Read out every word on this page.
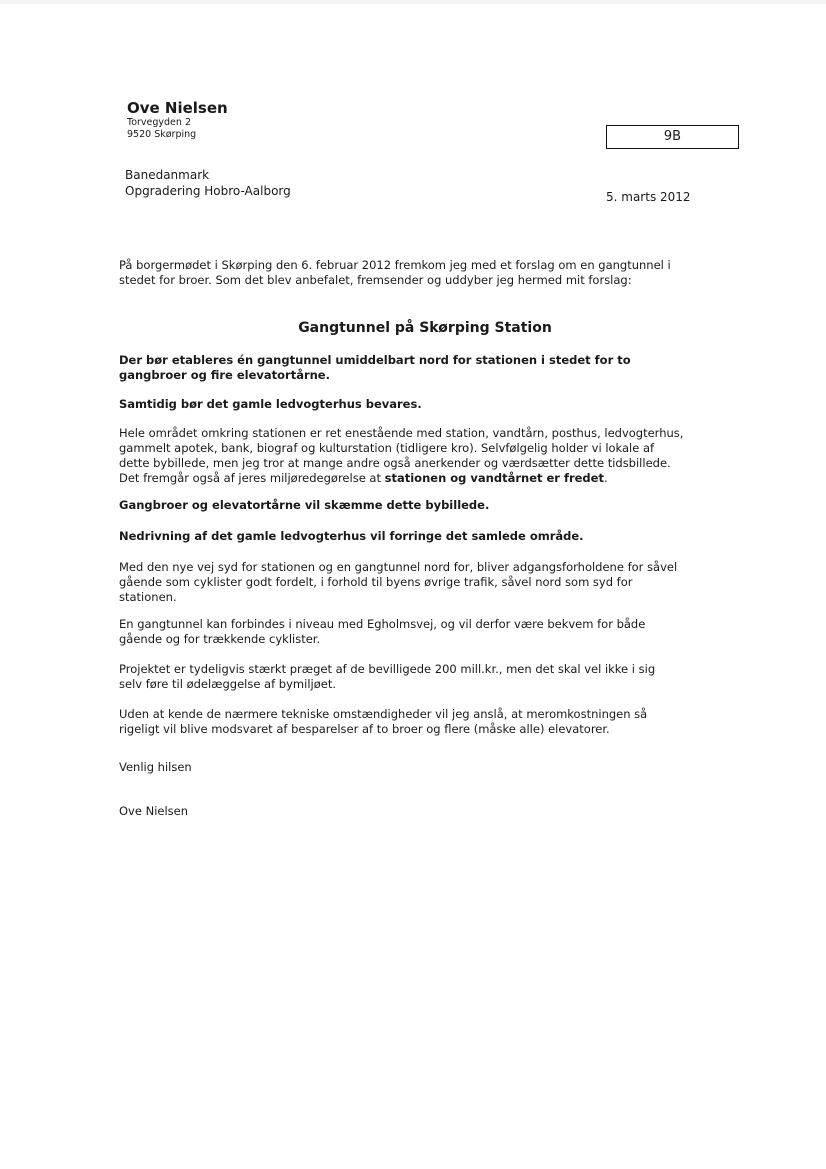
Ove Nielsen
Torvegyden 2
9520 Skørping	9B
Banedanmark
Opgradering Hobro-Aalborg	5. marts 2012
På borgermødet i Skørping den 6. februar 2012 fremkom jeg med et forslag om en gangtunnel i
stedet for broer. Som det blev anbefalet, fremsender og uddyber jeg hermed mit forslag:
Gangtunnel på Skørping Station
Der bør etableres én gangtunnel umiddelbart nord for stationen i stedet for to
gangbroer og fire elevatortårne.
Samtidig bør det gamle ledvogterhus bevares.
Hele området omkring stationen er ret enestående med station, vandtårn, posthus, ledvogterhus,
gammelt apotek, bank, biograf og kulturstation (tidligere kro). Selvfølgelig holder vi lokale af
dette bybillede, men jeg tror at mange andre også anerkender og værdsætter dette tidsbillede.
Det fremgår også af jeres miljøredegørelse at stationen og vandtårnet er fredet.
Gangbroer og elevatortårne vil skæmme dette bybillede.
Nedrivning af det gamle ledvogterhus vil forringe det samlede område.
Med den nye vej syd for stationen og en gangtunnel nord for, bliver adgangsforholdene for såvel
gående som cyklister godt fordelt, i forhold til byens øvrige trafik, såvel nord som syd for
stationen.
En gangtunnel kan forbindes i niveau med Egholmsvej, og vil derfor være bekvem for både
gående og for trækkende cyklister.
Projektet er tydeligvis stærkt præget af de bevilligede 200 mill.kr., men det skal vel ikke i sig
selv føre til ødelæggelse af bymiljøet.
Uden at kende de nærmere tekniske omstændigheder vil jeg anslå, at meromkostningen så
rigeligt vil blive modsvaret af besparelser af to broer og flere (måske alle) elevatorer.
Venlig hilsen
Ove Nielsen
